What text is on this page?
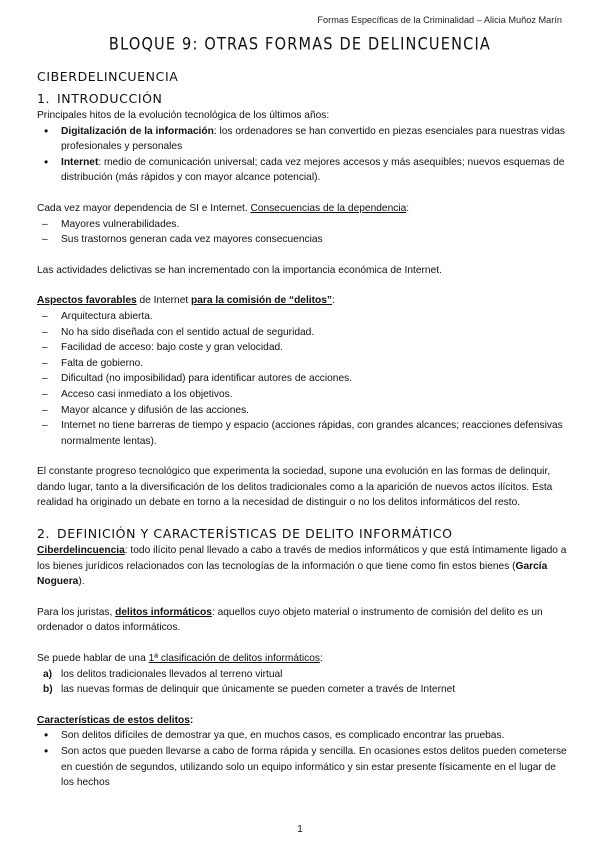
Formas Específicas de la Criminalidad – Alicia Muñoz Marín
BLOQUE 9: OTRAS FORMAS DE DELINCUENCIA
CIBERDELINCUENCIA
1. INTRODUCCIÓN

Principales hitos de la evolución tecnológica de los últimos años:

• Digitalización de la información: los ordenadores se han convertido en piezas esenciales para nuestras vidas profesionales y personales
• Internet: medio de comunicación universal; cada vez mejores accesos y más asequibles; nuevos esquemas de distribución (más rápidos y con mayor alcance potencial).

Cada vez mayor dependencia de SI e Internet. Consecuencias de la dependencia:

– Mayores vulnerabilidades.
– Sus trastornos generan cada vez mayores consecuencias

Las actividades delictivas se han incrementado con la importancia económica de Internet.

Aspectos favorables de Internet para la comisión de “delitos”:

– Arquitectura abierta.
– No ha sido diseñada con el sentido actual de seguridad.
– Facilidad de acceso: bajo coste y gran velocidad.
– Falta de gobierno.
– Dificultad (no imposibilidad) para identificar autores de acciones.
– Acceso casi inmediato a los objetivos.
– Mayor alcance y difusión de las acciones.
– Internet no tiene barreras de tiempo y espacio (acciones rápidas, con grandes alcances; reacciones defensivas normalmente lentas).

El constante progreso tecnológico que experimenta la sociedad, supone una evolución en las formas de delinquir, dando lugar, tanto a la diversificación de los delitos tradicionales como a la aparición de nuevos actos ilícitos. Esta realidad ha originado un debate en torno a la necesidad de distinguir o no los delitos informáticos del resto.

2. DEFINICIÓN Y CARACTERÍSTICAS DE DELITO INFORMÁTICO

Ciberdelincuencia: todo ilícito penal llevado a cabo a través de medios informáticos y que está íntimamente ligado a los bienes jurídicos relacionados con las tecnologías de la información o que tiene como fin estos bienes (García Noguera).

Para los juristas, delitos informáticos: aquellos cuyo objeto material o instrumento de comisión del delito es un ordenador o datos informáticos.

Se puede hablar de una 1ª clasificación de delitos informáticos:

a) los delitos tradicionales llevados al terreno virtual
b) las nuevas formas de delinquir que únicamente se pueden cometer a través de Internet

Características de estos delitos:

• Son delitos difíciles de demostrar ya que, en muchos casos, es complicado encontrar las pruebas.
• Son actos que pueden llevarse a cabo de forma rápida y sencilla. En ocasiones estos delitos pueden cometerse en cuestión de segundos, utilizando solo un equipo informático y sin estar presente físicamente en el lugar de los hechos
1
